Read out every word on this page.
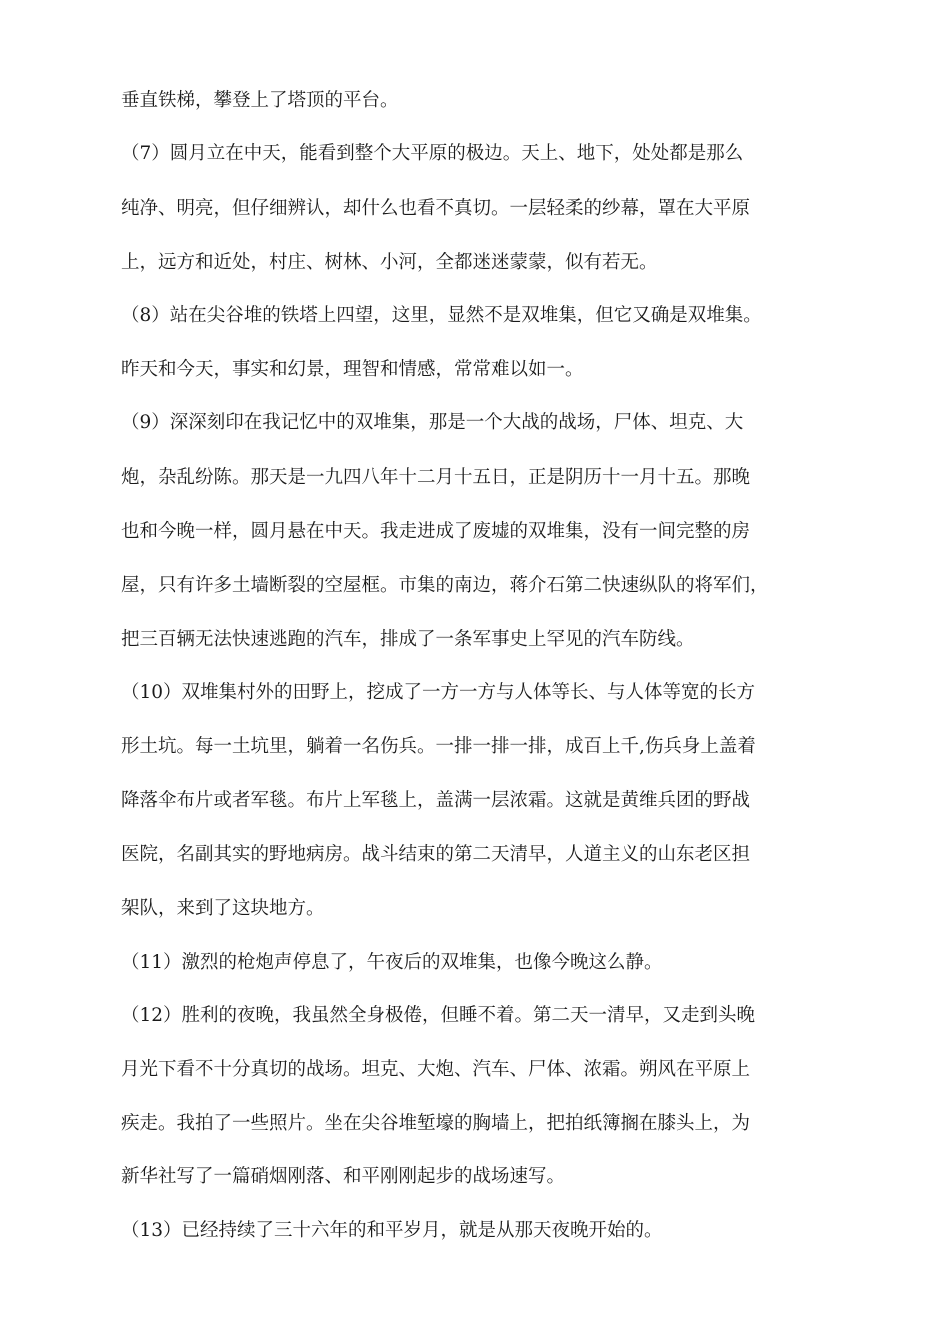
垂直铁梯，攀登上了塔顶的平台。

（7）圆月立在中天，能看到整个大平原的极边。天上、地下，处处都是那么

纯净、明亮，但仔细辨认，却什么也看不真切。一层轻柔的纱幕，罩在大平原

上，远方和近处，村庄、树林、小河，全都迷迷蒙蒙，似有若无。

（8）站在尖谷堆的铁塔上四望，这里，显然不是双堆集，但它又确是双堆集。

昨天和今天，事实和幻景，理智和情感，常常难以如一。

（9）深深刻印在我记忆中的双堆集，那是一个大战的战场，尸体、坦克、大

炮，杂乱纷陈。那天是一九四八年十二月十五日，正是阴历十一月十五。那晚

也和今晚一样，圆月悬在中天。我走进成了废墟的双堆集，没有一间完整的房

屋，只有许多土墙断裂的空屋框。市集的南边，蒋介石第二快速纵队的将军们，

把三百辆无法快速逃跑的汽车，排成了一条军事史上罕见的汽车防线。

（10）双堆集村外的田野上，挖成了一方一方与人体等长、与人体等宽的长方

形土坑。每一土坑里，躺着一名伤兵。一排一排一排，成百上千,伤兵身上盖着

降落伞布片或者军毯。布片上军毯上，盖满一层浓霜。这就是黄维兵团的野战

医院，名副其实的野地病房。战斗结束的第二天清早，人道主义的山东老区担

架队，来到了这块地方。

（11）激烈的枪炮声停息了，午夜后的双堆集，也像今晚这么静。

（12）胜利的夜晚，我虽然全身极倦，但睡不着。第二天一清早，又走到头晚

月光下看不十分真切的战场。坦克、大炮、汽车、尸体、浓霜。朔风在平原上

疾走。我拍了一些照片。坐在尖谷堆堑壕的胸墙上，把拍纸簿搁在膝头上，为

新华社写了一篇硝烟刚落、和平刚刚起步的战场速写。

（13）已经持续了三十六年的和平岁月，就是从那天夜晚开始的。
